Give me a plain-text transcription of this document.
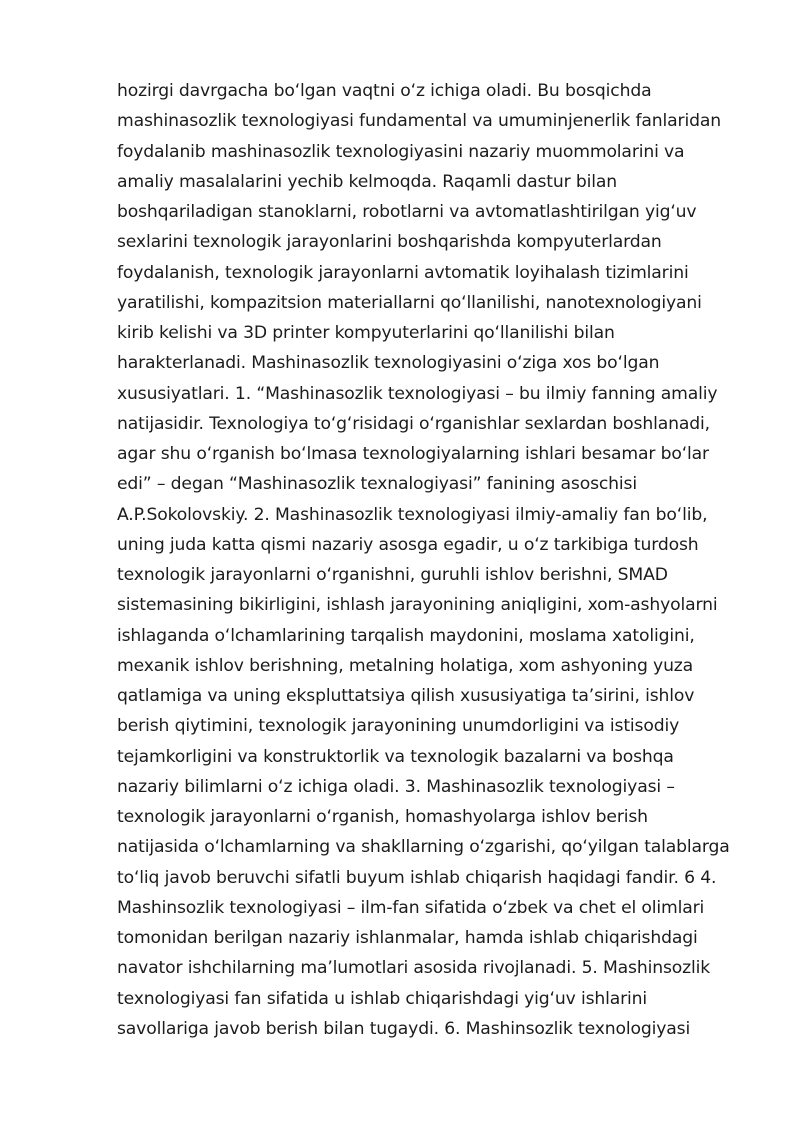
hozirgi davrgacha boʻlgan vaqtni oʻz ichiga oladi. Bu bosqichda
mashinasozlik texnologiyasi fundamental va umuminjenerlik fanlaridan
foydalanib mashinasozlik texnologiyasini nazariy muommolarini va
amaliy masalalarini yechib kelmoqda. Raqamli dastur bilan
boshqariladigan stanoklarni, robotlarni va avtomatlashtirilgan yigʻuv
sexlarini texnologik jarayonlarini boshqarishda kompyuterlardan
foydalanish, texnologik jarayonlarni avtomatik loyihalash tizimlarini
yaratilishi, kompazitsion materiallarni qoʻllanilishi, nanotexnologiyani
kirib kelishi va 3D printer kompyuterlarini qoʻllanilishi bilan
harakterlanadi. Mashinasozlik texnologiyasini oʻziga xos boʻlgan
xususiyatlari. 1. “Mashinasozlik texnologiyasi – bu ilmiy fanning amaliy
natijasidir. Texnologiya toʻgʻrisidagi oʻrganishlar sexlardan boshlanadi,
agar shu oʻrganish boʻlmasa texnologiyalarning ishlari besamar boʻlar
edi” – degan “Mashinasozlik texnalogiyasi” fanining asoschisi
A.P.Sokolovskiy. 2. Mashinasozlik texnologiyasi ilmiy-amaliy fan boʻlib,
uning juda katta qismi nazariy asosga egadir, u oʻz tarkibiga turdosh
texnologik jarayonlarni oʻrganishni, guruhli ishlov berishni, SMAD
sistemasining bikirligini, ishlash jarayonining aniqligini, xom-ashyolarni
ishlaganda oʻlchamlarining tarqalish maydonini, moslama xatoligini,
mexanik ishlov berishning, metalning holatiga, xom ashyoning yuza
qatlamiga va uning ekspluttatsiya qilish xususiyatiga ta’sirini, ishlov
berish qiytimini, texnologik jarayonining unumdorligini va istisodiy
tejamkorligini va konstruktorlik va texnologik bazalarni va boshqa
nazariy bilimlarni oʻz ichiga oladi. 3. Mashinasozlik texnologiyasi –
texnologik jarayonlarni oʻrganish, homashyolarga ishlov berish
natijasida oʻlchamlarning va shakllarning oʻzgarishi, qoʻyilgan talablarga
toʻliq javob beruvchi sifatli buyum ishlab chiqarish haqidagi fandir. 6 4.
Mashinsozlik texnologiyasi – ilm-fan sifatida oʻzbek va chet el olimlari
tomonidan berilgan nazariy ishlanmalar, hamda ishlab chiqarishdagi
navator ishchilarning ma’lumotlari asosida rivojlanadi. 5. Mashinsozlik
texnologiyasi fan sifatida u ishlab chiqarishdagi yigʻuv ishlarini
savollariga javob berish bilan tugaydi. 6. Mashinsozlik texnologiyasi
